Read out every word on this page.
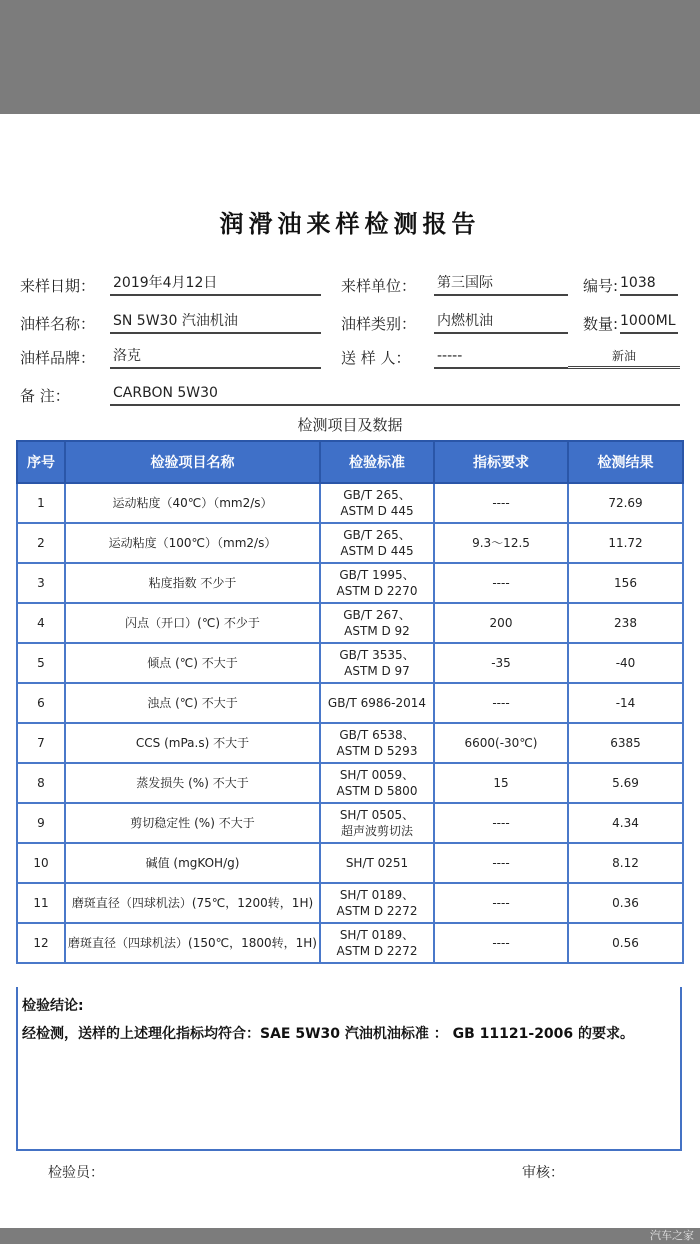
润滑油来样检测报告
来样日期： 2019年4月12日	来样单位： 第三国际	编号: 1038
油样名称： SN 5W30 汽油机油	油样类别： 内燃机油	数量: 1000ML
油样品牌： 洛克	送 样 人： -----	新油
备 注：	CARBON 5W30
检测项目及数据
序号	检验项目名称	检验标准	指标要求	检测结果
1	运动粘度（40℃）（mm2/s）	GB/T 265、
ASTM D 445	----	72.69
2	运动粘度（100℃）（mm2/s）	GB/T 265、
ASTM D 445	9.3～12.5	11.72
3	粘度指数 不少于	GB/T 1995、
ASTM D 2270	----	156
4	闪点（开口）(℃) 不少于	GB/T 267、
ASTM D 92	200	238
5	倾点 (℃) 不大于	GB/T 3535、
ASTM D 97	-35	-40
6	浊点 (℃) 不大于	GB/T 6986-2014	----	-14
7	CCS (mPa.s) 不大于	GB/T 6538、
ASTM D 5293	6600(-30℃)	6385
8	蒸发损失 (%) 不大于	SH/T 0059、
ASTM D 5800	15	5.69
9	剪切稳定性 (%) 不大于	SH/T 0505、
超声波剪切法	----	4.34
10	碱值 (mgKOH/g)	SH/T 0251	----	8.12
11	磨斑直径（四球机法）(75℃，1200转，1H)	SH/T 0189、
ASTM D 2272	----	0.36
12	磨斑直径（四球机法）(150℃，1800转，1H)	SH/T 0189、
ASTM D 2272	----	0.56
检验结论:
经检测，送样的上述理化指标均符合：SAE 5W30 汽油机油标准 ： GB 11121-2006 的要求。
检验员：	审核：
汽车之家
